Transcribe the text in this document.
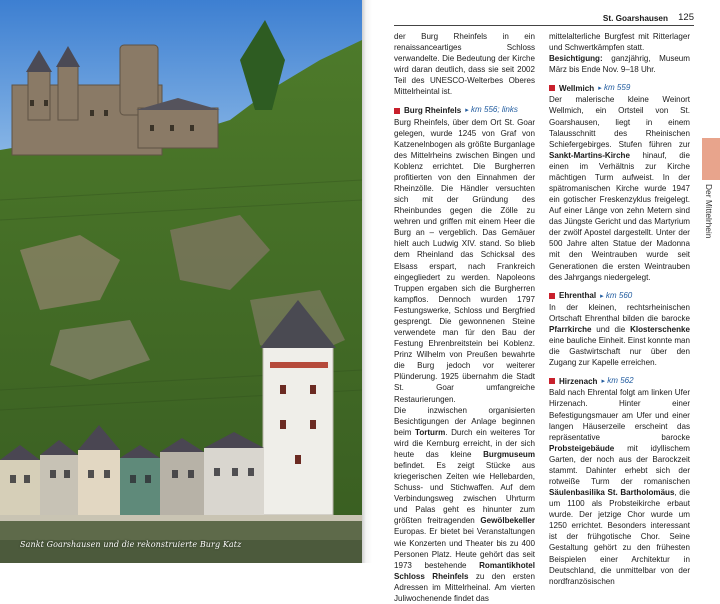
Sankt Goarshausen und die rekonstruierte Burg Katz
St. Goarshausen 125
Der Mittelrhein

der Burg Rheinfels in ein renaissanceartiges Schloss verwandelte. Die Bedeutung der Kirche wird daran deutlich, dass sie seit 2002 Teil des UNESCO-Welterbes Oberes Mittelrheintal ist.

Burg Rheinfels ▸ km 556; links

Burg Rheinfels, über dem Ort St. Goar gelegen, wurde 1245 von Graf von Katzenelnbogen als größte Burganlage des Mittelrheins zwischen Bingen und Koblenz errichtet. Die Burgherren profitierten von den Einnahmen der Rheinzölle. Die Händler versuchten sich mit der Gründung des Rheinbundes gegen die Zölle zu wehren und griffen mit einem Heer die Burg an – vergeblich. Das Gemäuer hielt auch Ludwig XIV. stand. So blieb dem Rheinland das Schicksal des Elsass erspart, nach Frankreich eingegliedert zu werden. Napoleons Truppen ergaben sich die Burgherren kampflos. Dennoch wurden 1797 Festungswerke, Schloss und Bergfried gesprengt. Die gewonnenen Steine verwendete man für den Bau der Festung Ehrenbreitstein bei Koblenz. Prinz Wilhelm von Preußen bewahrte die Burg jedoch vor weiterer Plünderung. 1925 übernahm die Stadt St. Goar umfangreiche Restaurierungen.

Die inzwischen organisierten Besichtigungen der Anlage beginnen beim Torturm. Durch ein weiteres Tor wird die Kernburg erreicht, in der sich heute das kleine Burgmuseum befindet. Es zeigt Stücke aus kriegerischen Zeiten wie Hellebarden, Schuss- und Stichwaffen. Auf dem Verbindungsweg zwischen Uhrturm und Palas geht es hinunter zum größten freitragenden Gewölbekeller Europas. Er bietet bei Veranstaltungen wie Konzerten und Theater bis zu 400 Personen Platz. Heute gehört das seit 1973 bestehende Romantikhotel Schloss Rheinfels zu den ersten Adressen im Mittelrheinal. Am vierten Juliwochenende findet das

mittelalterliche Burgfest mit Ritterlager und Schwertkämpfen statt.

Besichtigung: ganzjährig, Museum März bis Ende Nov. 9–18 Uhr.

Wellmich ▸ km 559

Der malerische kleine Weinort Wellmich, ein Ortsteil von St. Goarshausen, liegt in einem Talausschnitt des Rheinischen Schiefergebirges. Stufen führen zur Sankt-Martins-Kirche hinauf, die einen im Verhältnis zur Kirche mächtigen Turm aufweist. In der spätromanischen Kirche wurde 1947 ein gotischer Freskenzyklus freigelegt. Auf einer Länge von zehn Metern sind das Jüngste Gericht und das Martyrium der zwölf Apostel dargestellt. Unter der 500 Jahre alten Statue der Madonna mit den Weintrauben wurde seit Generationen die ersten Weintrauben des Jahrgangs niedergelegt.

Ehrenthal ▸ km 560

In der kleinen, rechtsrheinischen Ortschaft Ehrenthal bilden die barocke Pfarrkirche und die Klosterschenke eine bauliche Einheit. Einst konnte man die Gastwirtschaft nur über den Zugang zur Kapelle erreichen.

Hirzenach ▸ km 562

Bald nach Ehrental folgt am linken Ufer Hirzenach. Hinter einer Befestigungsmauer am Ufer und einer langen Häuserzeile erscheint das repräsentative barocke Probsteigebäude mit idyllischem Garten, der noch aus der Barockzeit stammt. Dahinter erhebt sich der rotweiße Turm der romanischen Säulenbasilika St. Bartholomäus, die um 1100 als Probsteikirche erbaut wurde. Der jetzige Chor wurde um 1250 errichtet. Besonders interessant ist der frühgotische Chor. Seine Gestaltung gehört zu den frühesten Beispielen einer Architektur in Deutschland, die unmittelbar von der nordfranzösischen
